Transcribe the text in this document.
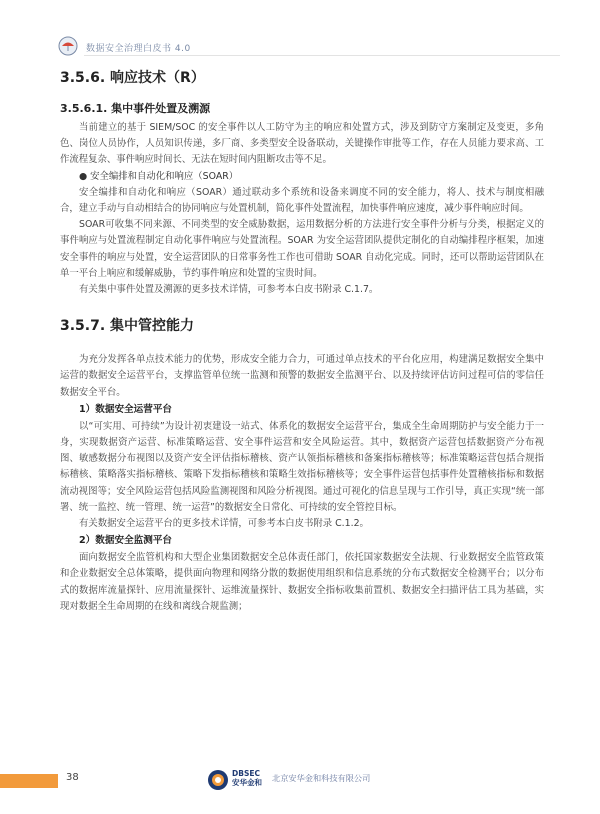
数据安全治理白皮书 4.0
3.5.6. 响应技术（R）
3.5.6.1. 集中事件处置及溯源

当前建立的基于 SIEM/SOC 的安全事件以人工防守为主的响应和处置方式，涉及到防守方案制定及变更，多角色、岗位人员协作，人员知识传递，多厂商、多类型安全设备联动，关键操作审批等工作，存在人员能力要求高、工作流程复杂、事件响应时间长、无法在短时间内阻断攻击等不足。

● 安全编排和自动化和响应（SOAR）

安全编排和自动化和响应（SOAR）通过联动多个系统和设备来调度不同的安全能力，将人、技术与制度相融合，建立手动与自动相结合的协同响应与处置机制，简化事件处置流程，加快事件响应速度，减少事件响应时间。

SOAR可收集不同来源、不同类型的安全威胁数据，运用数据分析的方法进行安全事件分析与分类，根据定义的事件响应与处置流程制定自动化事件响应与处置流程。SOAR 为安全运营团队提供定制化的自动编排程序框架，加速安全事件的响应与处置，安全运营团队的日常事务性工作也可借助 SOAR 自动化完成。同时，还可以帮助运营团队在单一平台上响应和缓解威胁，节约事件响应和处置的宝贵时间。

有关集中事件处置及溯源的更多技术详情，可参考本白皮书附录 C.1.7。

3.5.7. 集中管控能力

为充分发挥各单点技术能力的优势，形成安全能力合力，可通过单点技术的平台化应用，构建满足数据安全集中运营的数据安全运营平台，支撑监管单位统一监测和预警的数据安全监测平台、以及持续评估访问过程可信的零信任数据安全平台。

1）数据安全运营平台

以“可实用、可持续”为设计初衷建设一站式、体系化的数据安全运营平台，集成全生命周期防护与安全能力于一身，实现数据资产运营、标准策略运营、安全事件运营和安全风险运营。其中，数据资产运营包括数据资产分布视图、敏感数据分布视图以及资产安全评估指标稽核、资产认领指标稽核和备案指标稽核等；标准策略运营包括合规指标稽核、策略落实指标稽核、策略下发指标稽核和策略生效指标稽核等；安全事件运营包括事件处置稽核指标和数据流动视图等；安全风险运营包括风险监测视图和风险分析视图。通过可视化的信息呈现与工作引导，真正实现“统一部署、统一监控、统一管理、统一运营”的数据安全日常化、可持续的安全管控目标。

有关数据安全运营平台的更多技术详情，可参考本白皮书附录 C.1.2。

2）数据安全监测平台

面向数据安全监管机构和大型企业集团数据安全总体责任部门，依托国家数据安全法规、行业数据安全监管政策和企业数据安全总体策略，提供面向物理和网络分散的数据使用组织和信息系统的分布式数据安全检测平台；以分布式的数据库流量探针、应用流量探针、运维流量探针、数据安全指标收集前置机、数据安全扫描评估工具为基础，实现对数据全生命周期的在线和离线合规监测；

38	DBSEC
安华金和 北京安华金和科技有限公司
